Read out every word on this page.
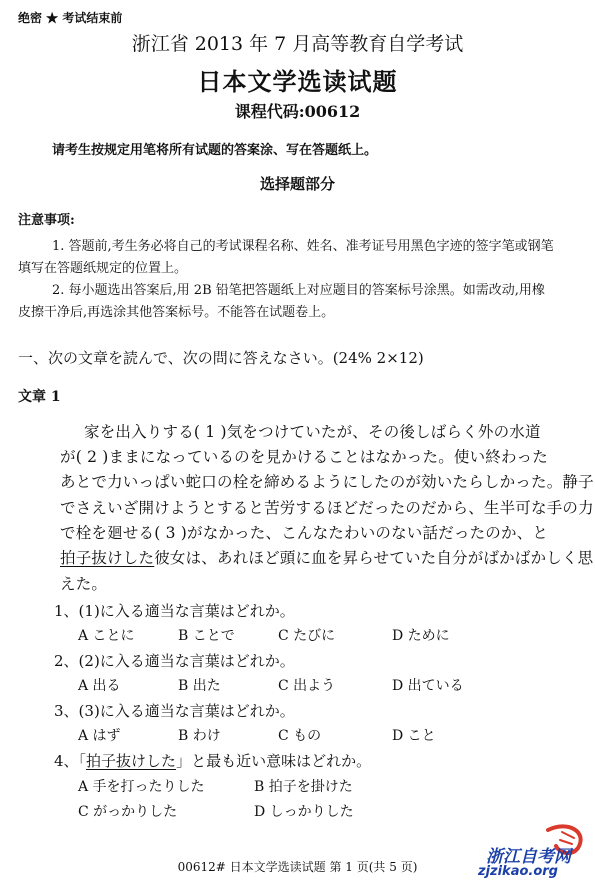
绝密 ★ 考试结束前
浙江省 2013 年 7 月高等教育自学考试
日本文学选读试题
课程代码:00612
请考生按规定用笔将所有试题的答案涂、写在答题纸上。
选择题部分
注意事项:
1. 答题前,考生务必将自己的考试课程名称、姓名、准考证号用黑色字迹的签字笔或钢笔
填写在答题纸规定的位置上。
2. 每小题选出答案后,用 2B 铅笔把答题纸上对应题目的答案标号涂黑。如需改动,用橡
皮擦干净后,再选涂其他答案标号。不能答在试题卷上。
一、次の文章を読んで、次の問に答えなさい。(24% 2×12)
文章 1
家を出入りする( 1 )気をつけていたが、その後しばらく外の水道
が( 2 )ままになっているのを見かけることはなかった。使い終わった
あとで力いっぱい蛇口の栓を締めるようにしたのが効いたらしかった。静子
でさえいざ開けようとすると苦労するほどだったのだから、生半可な手の力
で栓を廻せる( 3 )がなかった、こんなたわいのない話だったのか、と
拍子抜けした彼女は、あれほど頭に血を昇らせていた自分がばかばかしく思
えた。
1、(1)に入る適当な言葉はどれか。
A ことに	B ことで	C たびに	D ために
2、(2)に入る適当な言葉はどれか。
A 出る	B 出た	C 出よう	D 出ている
3、(3)に入る適当な言葉はどれか。
A はず	B わけ	C もの	D こと
4、「拍子抜けした」と最も近い意味はどれか。
A 手を打ったりした	B 拍子を掛けた
C がっかりした	D しっかりした
00612# 日本文学选读试题 第 1 页(共 5 页)	浙江自考网
zjzikao.org
